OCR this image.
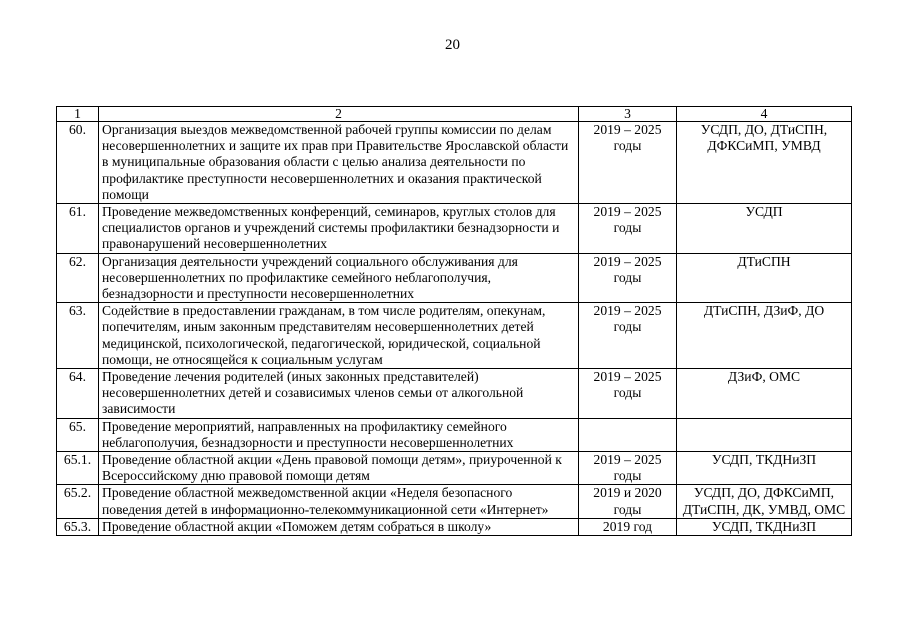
20
1	2	3	4
60.	Организация выездов межведомственной рабочей группы комиссии по делам несовершеннолетних и защите их прав при Правительстве Ярославской области в муниципальные образования области с целью анализа деятельности по профилактике преступности несовершеннолетних и оказания практической помощи	2019 – 2025 годы	УСДП, ДО, ДТиСПН, ДФКСиМП, УМВД
61.	Проведение межведомственных конференций, семинаров, круглых столов для специалистов органов и учреждений системы профилактики безнадзорности и правонарушений несовершеннолетних	2019 – 2025 годы	УСДП
62.	Организация деятельности учреждений социального обслуживания для несовершеннолетних по профилактике семейного неблагополучия, безнадзорности и преступности несовершеннолетних	2019 – 2025 годы	ДТиСПН
63.	Содействие в предоставлении гражданам, в том числе родителям, опекунам, попечителям, иным законным представителям несовершеннолетних детей медицинской, психологической, педагогической, юридической, социальной помощи, не относящейся к социальным услугам	2019 – 2025 годы	ДТиСПН, ДЗиФ, ДО
64.	Проведение лечения родителей (иных законных представителей) несовершеннолетних детей и созависимых членов семьи от алкогольной зависимости	2019 – 2025 годы	ДЗиФ, ОМС
65.	Проведение мероприятий, направленных на профилактику семейного неблагополучия, безнадзорности и преступности несовершеннолетних		
65.1.	Проведение областной акции «День правовой помощи детям», приуроченной к Всероссийскому дню правовой помощи детям	2019 – 2025 годы	УСДП, ТКДНиЗП
65.2.	Проведение областной межведомственной акции «Неделя безопасного поведения детей в информационно-телекоммуникационной сети «Интернет»	2019 и 2020 годы	УСДП, ДО, ДФКСиМП, ДТиСПН, ДК, УМВД, ОМС
65.3.	Проведение областной акции «Поможем детям собраться в школу»	2019 год	УСДП, ТКДНиЗП
